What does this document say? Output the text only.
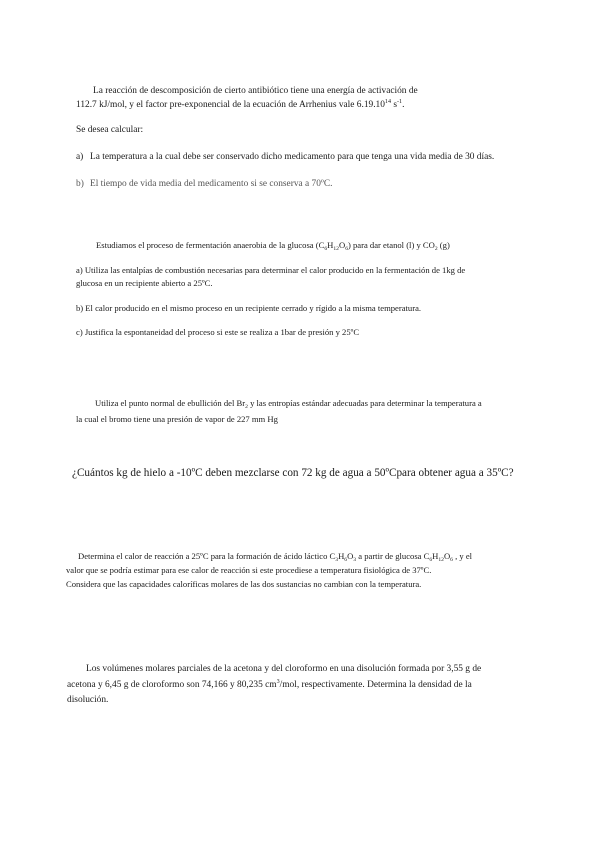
La reacción de descomposición de cierto antibiótico tiene una energía de activación de
112.7 kJ/mol, y el factor pre-exponencial de la ecuación de Arrhenius vale 6.19.10$^{14}$ $s^{-1}$.
Se desea calcular:
a) La temperatura a la cual debe ser conservado dicho medicamento para que tenga una vida media de 30 días.
b) El tiempo de vida media del medicamento si se conserva a 70ºC.
Estudiamos el proceso de fermentación anaerobia de la glucosa $(C_6H_{12}O_6)$ para dar etanol (l) y $CO_2$ (g)
a) Utiliza las entalpías de combustión necesarias para determinar el calor producido en la fermentación de 1kg de
glucosa en un recipiente abierto a 25ºC.
b) El calor producido en el mismo proceso en un recipiente cerrado y rígido a la misma temperatura.
c) Justifica la espontaneidad del proceso si este se realiza a 1bar de presión y 25ºC
Utiliza el punto normal de ebullición del $Br_2$ y las entropías estándar adecuadas para determinar la temperatura a
la cual el bromo tiene una presión de vapor de 227 mm Hg
¿Cuántos kg de hielo a -10ºC deben mezclarse con 72 kg de agua a 50ºCpara obtener agua a 35ºC?
Determina el calor de reacción a 25ºC para la formación de ácido láctico $C_3H_6O_3$ a partir de glucosa $C_6H_{12}O_6$ , y el
valor que se podría estimar para ese calor de reacción si este procediese a temperatura fisiológica de 37ºC.
Considera que las capacidades caloríficas molares de las dos sustancias no cambian con la temperatura.
Los volúmenes molares parciales de la acetona y del cloroformo en una disolución formada por 3,55 g de
acetona y 6,45 g de cloroformo son 74,166 y 80,235 $cm^3$/mol, respectivamente. Determina la densidad de la
disolución.
